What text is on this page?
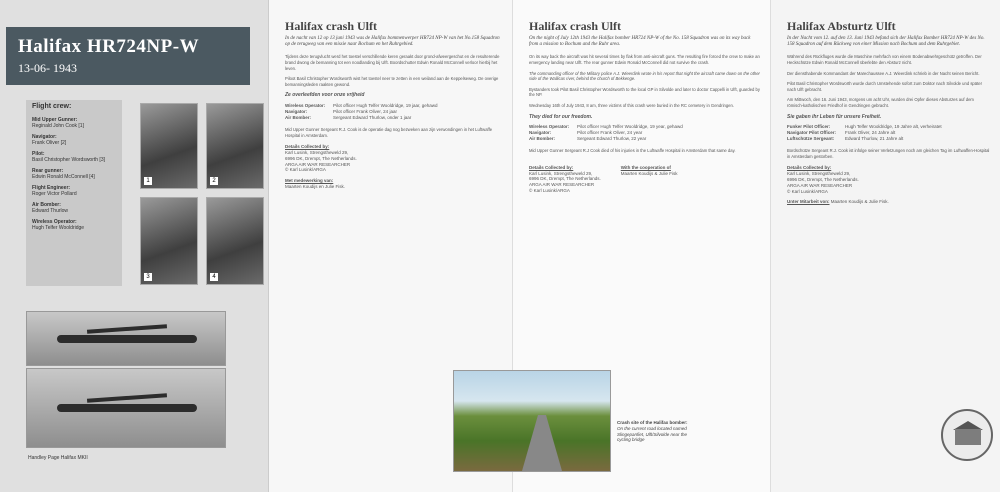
Halifax HR724NP-W
13-06- 1943
Flight crew:
Mid Upper Gunner:
Reginald John Cook [1]
Navigator:
Frank Oliver [2]
Pilot:
Basil Christopher Wordsworth [3]
Rear gunner:
Edwin Ronald McConnell [4]
Flight Engineer:
Roger Victor Pollard
Air Bomber:
Edward Thurlow
Wireless Operator:
Hugh Telfer Wooldridge
1	2
3	4
Handley Page Halifax MKII
Halifax crash Ulft
In de nacht van 12 op 13 juni 1943 was de Halifax bommenwerper HR724 NP-W van het No.158 Squadron op de terugweg van een missie naar Bochum en het Ruhrgebied.

Tijdens deze terugvlucht werd het toestel verschillende keren geraakt door grond-afweergeschut en de resulterende brand dwong de bemanning tot een noodlanding bij Ulft. Boordschutter Edwin Ronald McConnell verloor hierbij het leven.

Piloot Basil Christopher Wordsworth wist het toestel neer te zetten in een weiland aan de Keppelseweg. De overige bemanningsleden raakten gewond.

Ze overleefden voor onze vrijheid
Wireless Operator:	Pilot officer Hugh Telfer Wooldridge, 19 jaar, gehawd
Navigator:	Pilot officer Frank Oliver, 24 jaar
Air Bomber:	Sergeant Edward Thurlow, onder 1 jaar

Mid Upper Gunner Sergeant R.J. Cook is de operatie dag nog bezweken aan zijn verwondingen in het Luftwaffe Hospital in Amsterdam.

Details Collected by:
Karl Lusink, Strengstheweld 29,
6996 DK, Drempt, The Netherlands.
ARGA AIR WAR RESEARCHER
© Karl Lusink/ARGA
Met medewerking van:
Maarten Koudijs en Julie Fisk.
Halifax crash Ulft
On the night of July 12th 1943 the Halifax bomber HR724 NP-W of the No. 158 Squadron was on its way back from a mission to Bochum and the Ruhr area.

On its way back the aircraft was hit several times by flak from anti-aircraft guns. The resulting fire forced the crew to make an emergency landing near Ulft. The rear gunner Edwin Ronald McConnell did not survive the crash.

The commanding officer of the Military police A.J. Wieerdink wrote in his report that night the aircraft came down on the other side of the Wallicas river, behind the church of Bekkenge.

Bystanders took Pilot Basil Christopher Wordsworth to the local GP in Silvolde and later to doctor Cappelli in Ulft, guarded by the NP.

Wednesday 16th of July 1943, 8 am, three victims of this crash were buried in the RC cemetery in Gendringen.

They died for our freedom.
Wireless Operator:	Pilot officer Hugh Telfer Wooldridge, 19 year, gehawd
Navigator:	Pilot officer Frank Oliver, 24 year
Air Bomber:	Sergeant Edward Thurlow, 22 year

Mid Upper Gunner Sergeant R.J Cook died of his injuries in the Luftwaffe Hospital in Amsterdam that same day.

Details Collected by:
Karl Lusink, Strengstheweld 29,
6996 DK, Drempt, The Netherlands.
ARGA AIR WAR RESEARCHER
© Karl Lusink/ARGA
With the cooperation of
Maarten Koudijs & Julie Fisk
Halifax Absturtz Ulft
In der Nacht vom 12. auf den 13. Juni 1943 befand sich der Halifax Bomber HR724 NP-W des No. 158 Squadron auf dem Rückweg von einer Mission nach Bochum und dem Ruhrgebiet.

Während des Rückfluges wurde die Maschine mehrfach von einem Bodenabwehrgeschütz getroffen. Der Heckschütze Edwin Ronald McConnell überlebte den Absturz nicht.

Der diensthabende Kommandant der Marechaussee A.J. Wieerdink schrieb in der Nacht seinen Bericht.

Pilot Basil Christopher Wordsworth wurde durch Umstehende sofort zum Doktor nach Silvolde und später nach Ulft gebracht.

Am Mittwoch, den 16. Juni 1943, morgens um acht Uhr, wurden drei Opfer dieses Absturzes auf dem römisch-katholischen Friedhof in Gendringen gebracht.

Sie gaben ihr Leben für unsere Freiheit.
Funker Pilot Officer:	Hugh Telfer Wooldridge, 19 Jahre alt, verheiratet
Navigator Pilot Officer:	Frank Oliver, 24 Jahre alt
Luftschütze Sergeant:	Edward Thurlow, 21 Jahre alt

Bordschütze Sergeant R.J. Cook ist infolge seiner Verletzungen noch am gleichen Tag im Luftwaffen-Hospital in Amsterdam gestorben.

Details Collected by:
Karl Lusink, Strengstheweld 29,
6996 DK, Drempt, The Netherlands.
ARGA AIR WAR RESEARCHER
© Karl Lusink/ARGA
Unter Mitarbeit von: Maarten Koudijs & Julie Fisk.
Crash site of the Halifax bomber:
On the current road located named Slingepanfiet, Ulft/Silvolde near the cycling bridge
